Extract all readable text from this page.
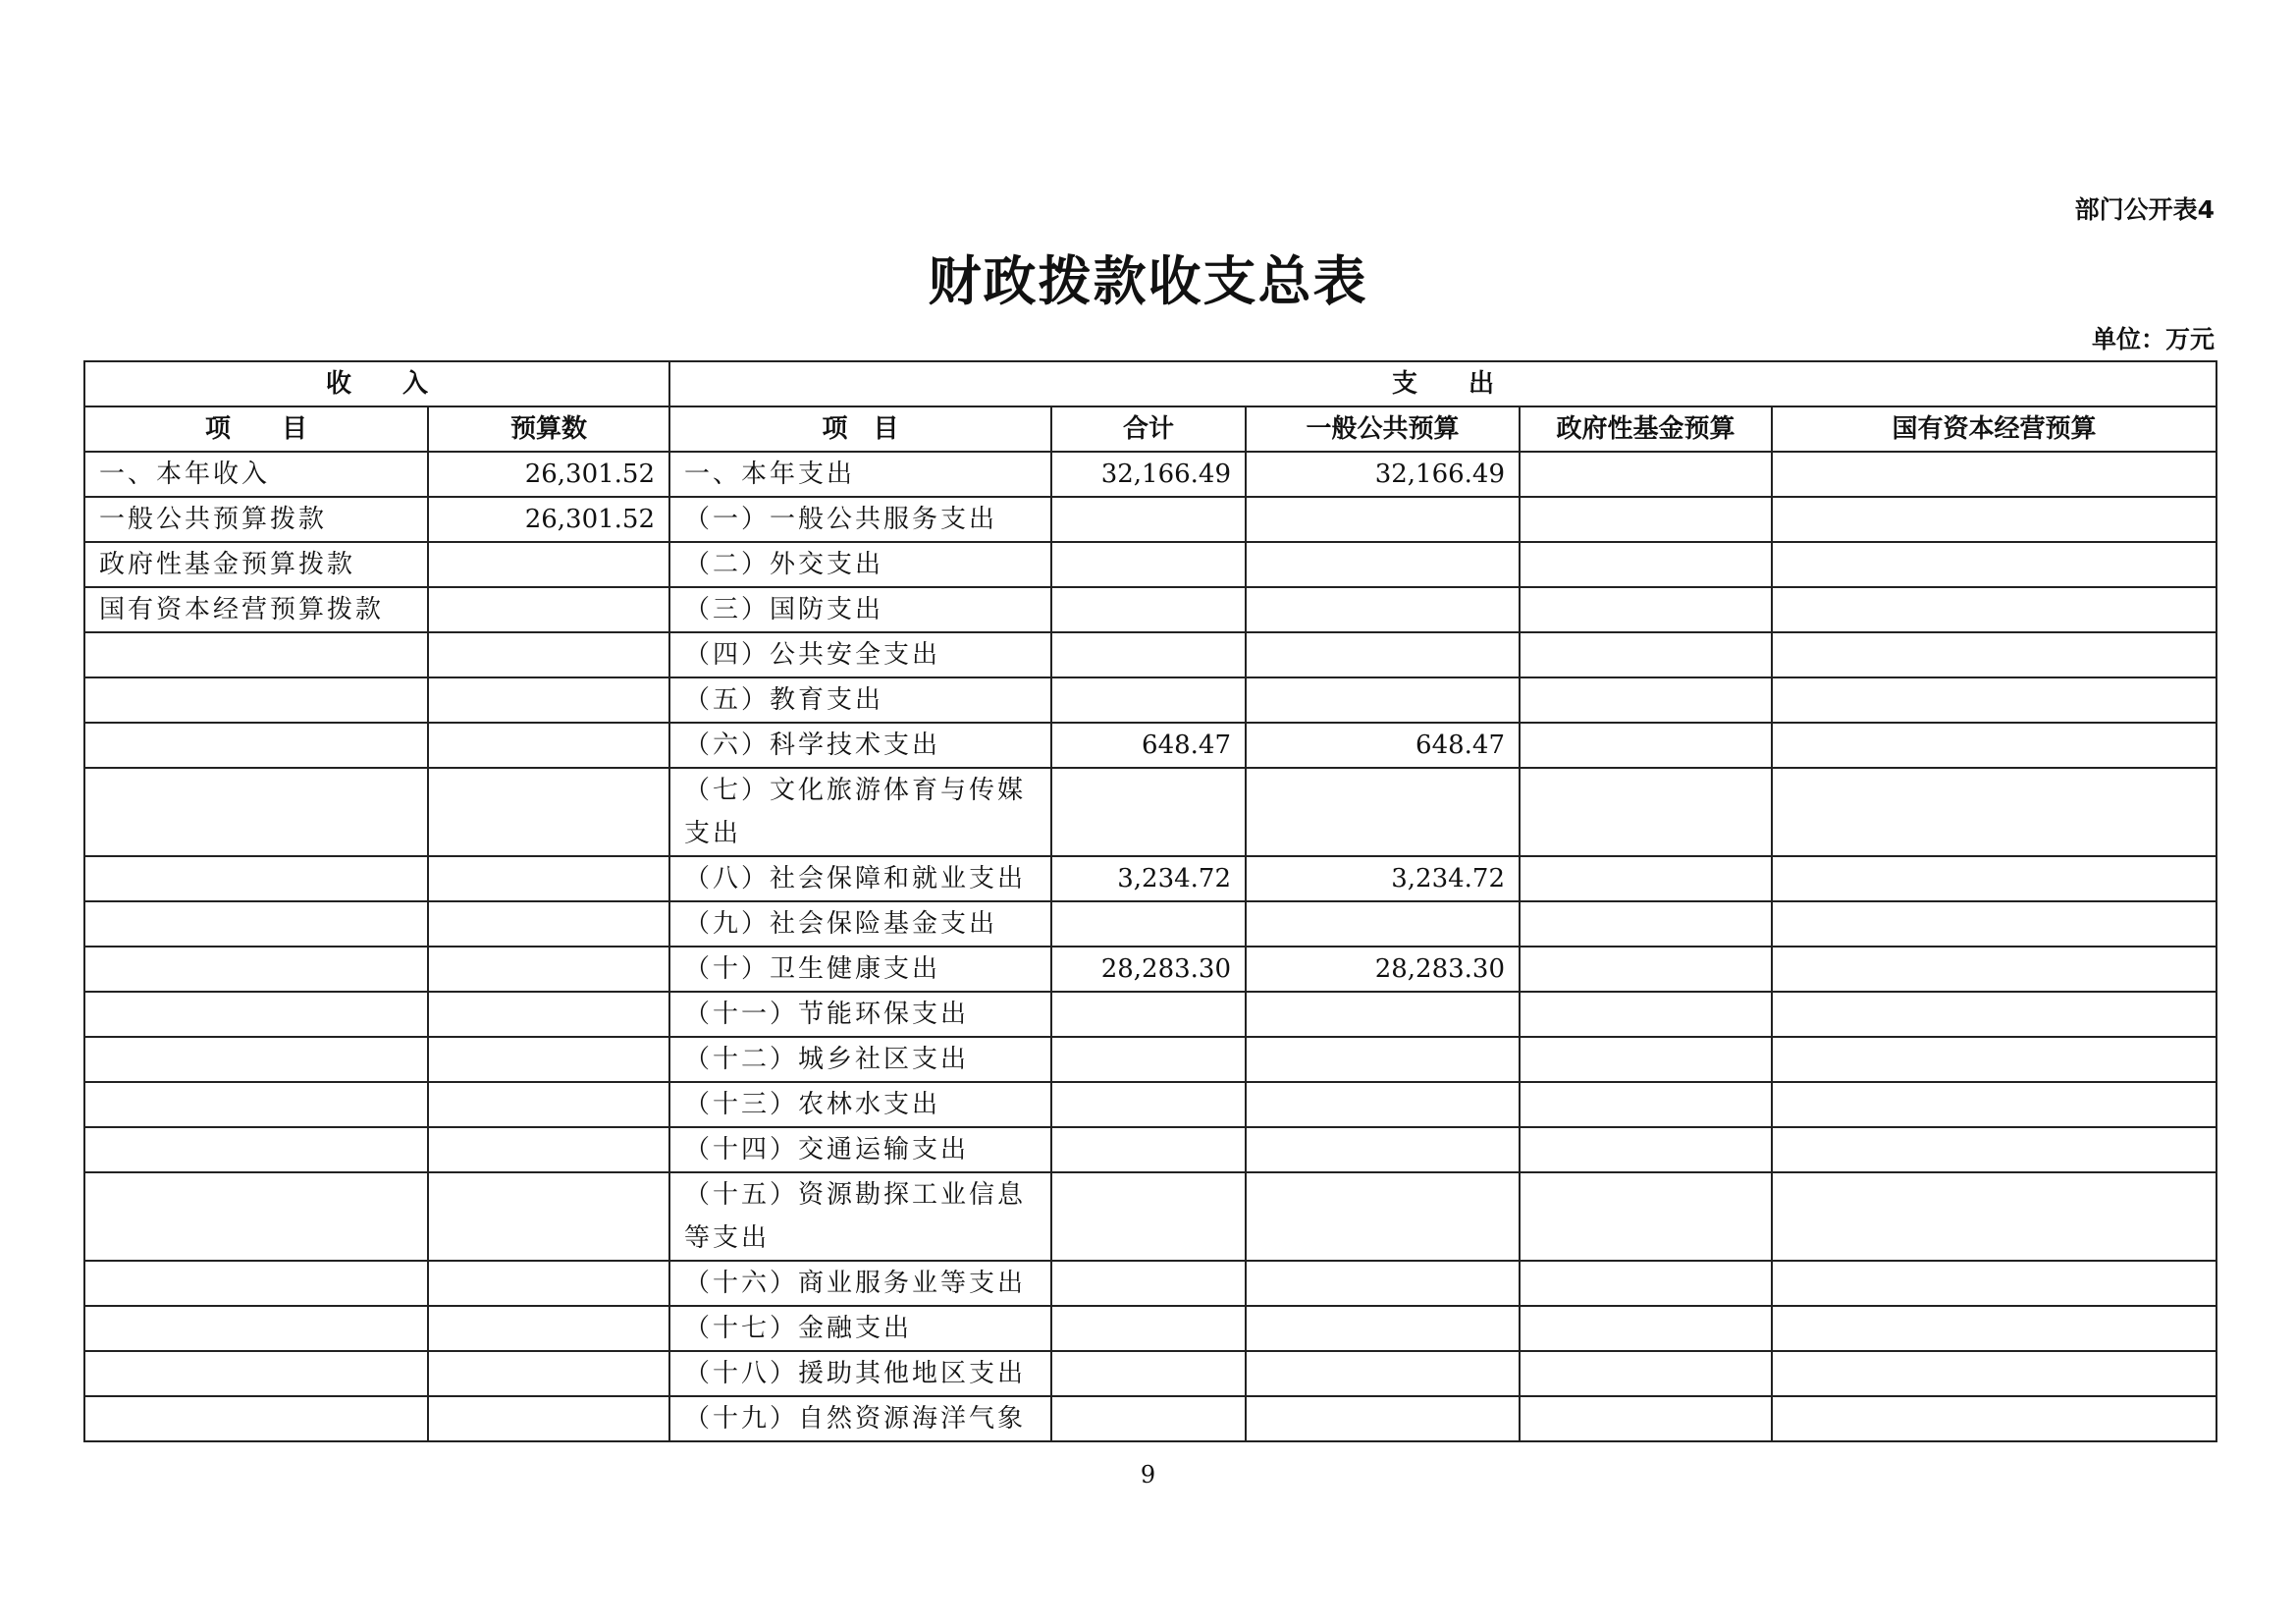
部门公开表4
财政拨款收支总表
单位：万元
收　　入		支　　出				
项　　目	预算数	项　目	合计	一般公共预算	政府性基金预算	国有资本经营预算
一、本年收入	26,301.52	一、本年支出	32,166.49	32,166.49		
一般公共预算拨款	26,301.52	（一）一般公共服务支出				
政府性基金预算拨款		（二）外交支出				
国有资本经营预算拨款		（三）国防支出				
		（四）公共安全支出				
		（五）教育支出				
		（六）科学技术支出	648.47	648.47		
		（七）文化旅游体育与传媒支出				
		（八）社会保障和就业支出	3,234.72	3,234.72		
		（九）社会保险基金支出				
		（十）卫生健康支出	28,283.30	28,283.30		
		（十一）节能环保支出				
		（十二）城乡社区支出				
		（十三）农林水支出				
		（十四）交通运输支出				
		（十五）资源勘探工业信息等支出				
		（十六）商业服务业等支出				
		（十七）金融支出				
		（十八）援助其他地区支出				
		（十九）自然资源海洋气象				
9
